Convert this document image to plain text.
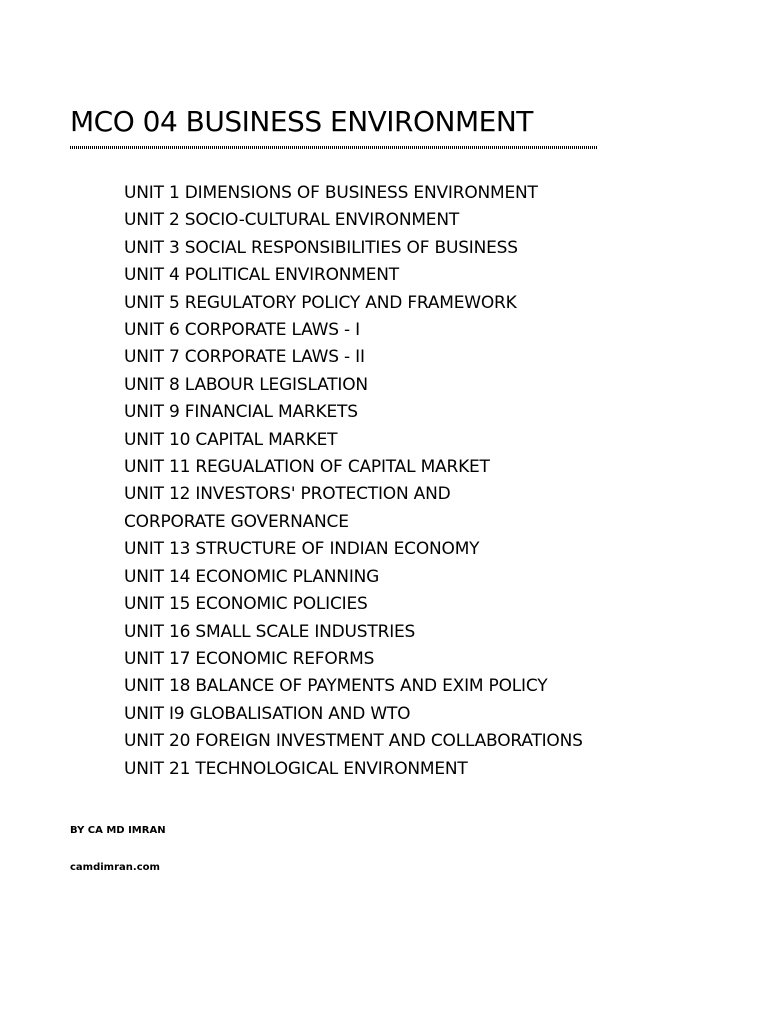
MCO 04 BUSINESS ENVIRONMENT
UNIT 1 DIMENSIONS OF BUSINESS ENVIRONMENT
UNIT 2 SOCIO-CULTURAL ENVIRONMENT
UNIT 3 SOCIAL RESPONSIBILITIES OF BUSINESS
UNIT 4 POLITICAL ENVIRONMENT
UNIT 5 REGULATORY POLICY AND FRAMEWORK
UNIT 6 CORPORATE LAWS - I
UNIT 7 CORPORATE LAWS - II
UNIT 8 LABOUR LEGISLATION
UNIT 9 FINANCIAL MARKETS
UNIT 10 CAPITAL MARKET
UNIT 11 REGUALATION OF CAPITAL MARKET
UNIT 12 INVESTORS' PROTECTION AND
CORPORATE GOVERNANCE
UNIT 13 STRUCTURE OF INDIAN ECONOMY
UNIT 14 ECONOMIC PLANNING
UNIT 15 ECONOMIC POLICIES
UNIT 16 SMALL SCALE INDUSTRIES
UNIT 17 ECONOMIC REFORMS
UNIT 18 BALANCE OF PAYMENTS AND EXIM POLICY
UNIT I9 GLOBALISATION AND WTO
UNIT 20 FOREIGN INVESTMENT AND COLLABORATIONS
UNIT 21 TECHNOLOGICAL ENVIRONMENT
BY CA MD IMRAN
camdimran.com
